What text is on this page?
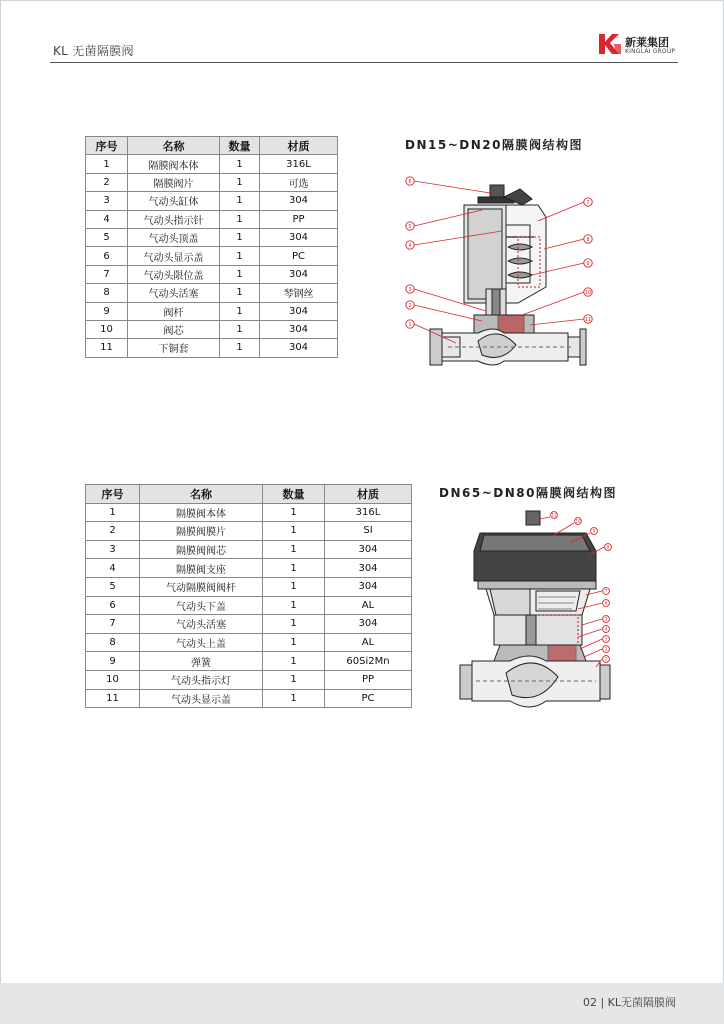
KL 无菌隔膜阀
新莱集团
KINGLAI GROUP
序号	名称	数量	材质
1	隔膜阀本体	1	316L
2	隔膜阀片	1	可选
3	气动头缸体	1	304
4	气动头指示针	1	PP
5	气动头顶盖	1	304
6	气动头显示盖	1	PC
7	气动头限位盖	1	304
8	气动头活塞	1	琴钢丝
9	阀杆	1	304
10	阀芯	1	304
11	下铜套	1	304
DN15~DN20隔膜阀结构图
1
2
3
4
5
6
7
8
9
10
11
序号	名称	数量	材质
1	隔膜阀本体	1	316L
2	隔膜阀膜片	1	SI
3	隔膜阀阀芯	1	304
4	隔膜阀支座	1	304
5	气动隔膜阀阀杆	1	304
6	气动头下盖	1	AL
7	气动头活塞	1	304
8	气动头上盖	1	AL
9	弹簧	1	60Si2Mn
10	气动头指示灯	1	PP
11	气动头显示盖	1	PC
DN65~DN80隔膜阀结构图
1
2
3
4
5
6
7
8
9
10
11
02 | KL无菌隔膜阀
